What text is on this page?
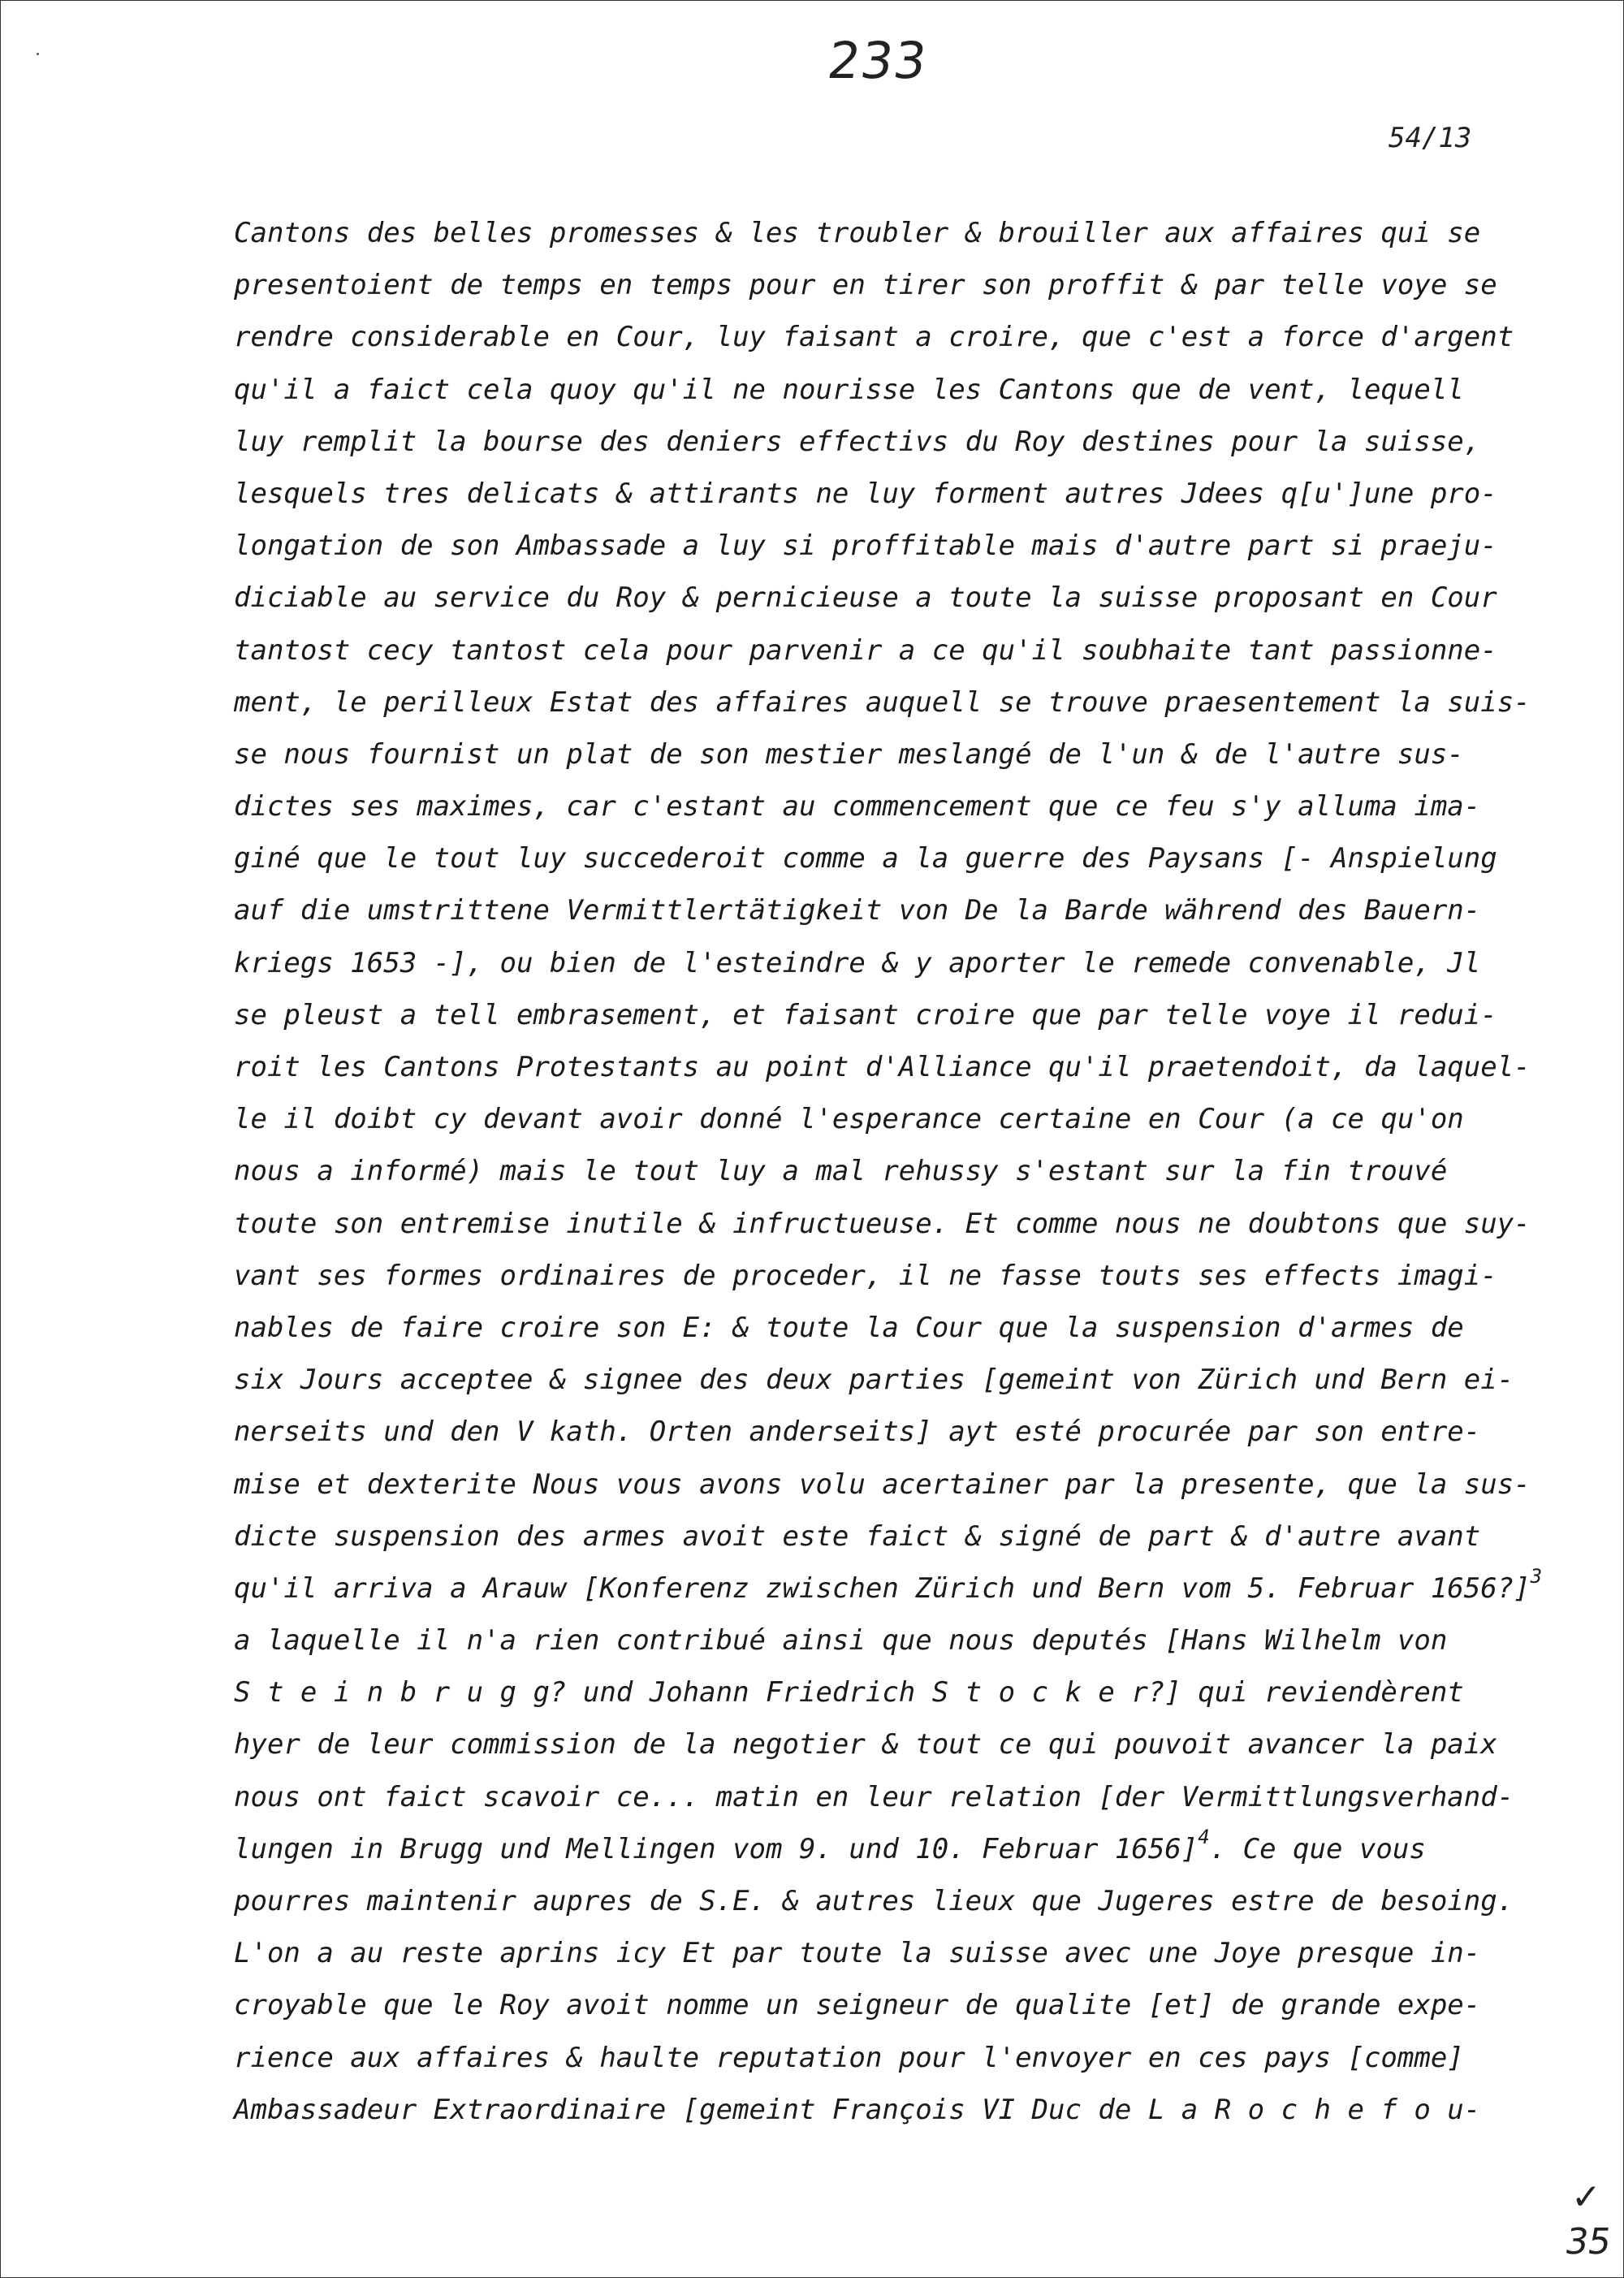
233
54/13
Cantons des belles promesses & les troubler & brouiller aux affaires qui se
presentoient de temps en temps pour en tirer son proffit & par telle voye se
rendre considerable en Cour, luy faisant a croire, que c'est a force d'argent
qu'il a faict cela quoy qu'il ne nourisse les Cantons que de vent, lequell
luy remplit la bourse des deniers effectivs du Roy destines pour la suisse,
lesquels tres delicats & attirants ne luy forment autres Jdees q[u']une pro-
longation de son Ambassade a luy si proffitable mais d'autre part si praeju-
diciable au service du Roy & pernicieuse a toute la suisse proposant en Cour
tantost cecy tantost cela pour parvenir a ce qu'il soubhaite tant passionne-
ment, le perilleux Estat des affaires auquell se trouve praesentement la suis-
se nous fournist un plat de son mestier meslangé de l'un & de l'autre sus-
dictes ses maximes, car c'estant au commencement que ce feu s'y alluma ima-
giné que le tout luy succederoit comme a la guerre des Paysans [- Anspielung
auf die umstrittene Vermittlertätigkeit von De la Barde während des Bauern-
kriegs 1653 -], ou bien de l'esteindre & y aporter le remede convenable, Jl
se pleust a tell embrasement, et faisant croire que par telle voye il redui-
roit les Cantons Protestants au point d'Alliance qu'il praetendoit, da laquel-
le il doibt cy devant avoir donné l'esperance certaine en Cour (a ce qu'on
nous a informé) mais le tout luy a mal rehussy s'estant sur la fin trouvé
toute son entremise inutile & infructueuse. Et comme nous ne doubtons que suy-
vant ses formes ordinaires de proceder, il ne fasse touts ses effects imagi-
nables de faire croire son E: & toute la Cour que la suspension d'armes de
six Jours acceptee & signee des deux parties [gemeint von Zürich und Bern ei-
nerseits und den V kath. Orten anderseits] ayt esté procurée par son entre-
mise et dexterite Nous vous avons volu acertainer par la presente, que la sus-
dicte suspension des armes avoit este faict & signé de part & d'autre avant
qu'il arriva a Arauw [Konferenz zwischen Zürich und Bern vom 5. Februar 1656?]$^3$
a laquelle il n'a rien contribué ainsi que nous deputés [Hans Wilhelm von
S t e i n b r u g g? und Johann Friedrich S t o c k e r?] qui reviendèrent
hyer de leur commission de la negotier & tout ce qui pouvoit avancer la paix
nous ont faict scavoir ce... matin en leur relation [der Vermittlungsverhand-
lungen in Brugg und Mellingen vom 9. und 10. Februar 1656]$^4$. Ce que vous
pourres maintenir aupres de S.E. & autres lieux que Jugeres estre de besoing.
L'on a au reste aprins icy Et par toute la suisse avec une Joye presque in-
croyable que le Roy avoit nomme un seigneur de qualite [et] de grande expe-
rience aux affaires & haulte reputation pour l'envoyer en ces pays [comme]
Ambassadeur Extraordinaire [gemeint François VI Duc de L a R o c h e f o u-
✓
35
